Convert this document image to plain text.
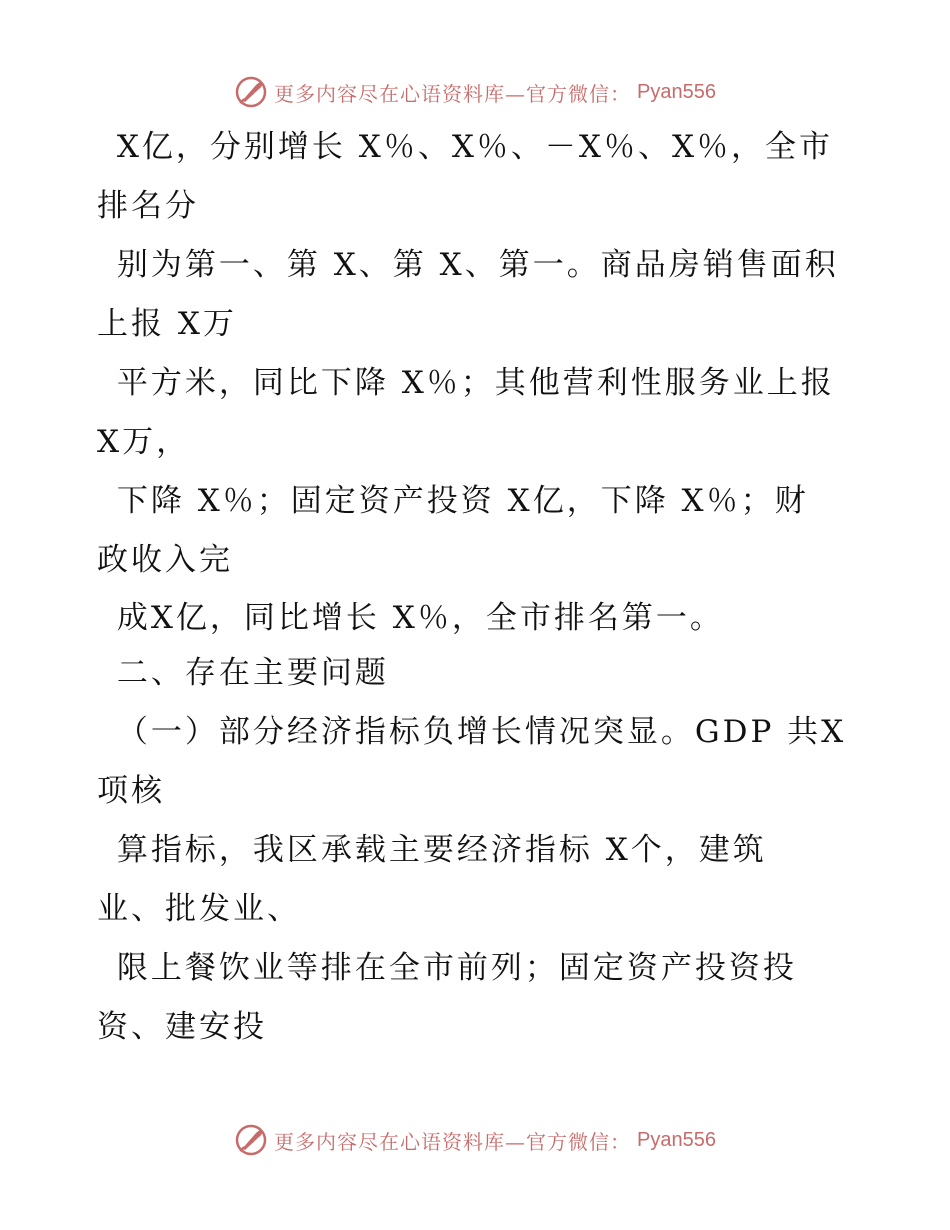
更多内容尽在心语资料库—官方微信： Pyan556
X亿，分别增长 X％、X％、－X％、X％，全市
排名分
别为第一、第 X、第 X、第一。商品房销售面积
上报 X万
平方米，同比下降 X％；其他营利性服务业上报
X万，
下降 X％；固定资产投资 X亿，下降 X％；财
政收入完
成X亿，同比增长 X％，全市排名第一。
二、存在主要问题
（一）部分经济指标负增长情况突显。GDP 共X
项核
算指标，我区承载主要经济指标 X个，建筑
业、批发业、
限上餐饮业等排在全市前列；固定资产投资投
资、建安投
更多内容尽在心语资料库—官方微信： Pyan556
